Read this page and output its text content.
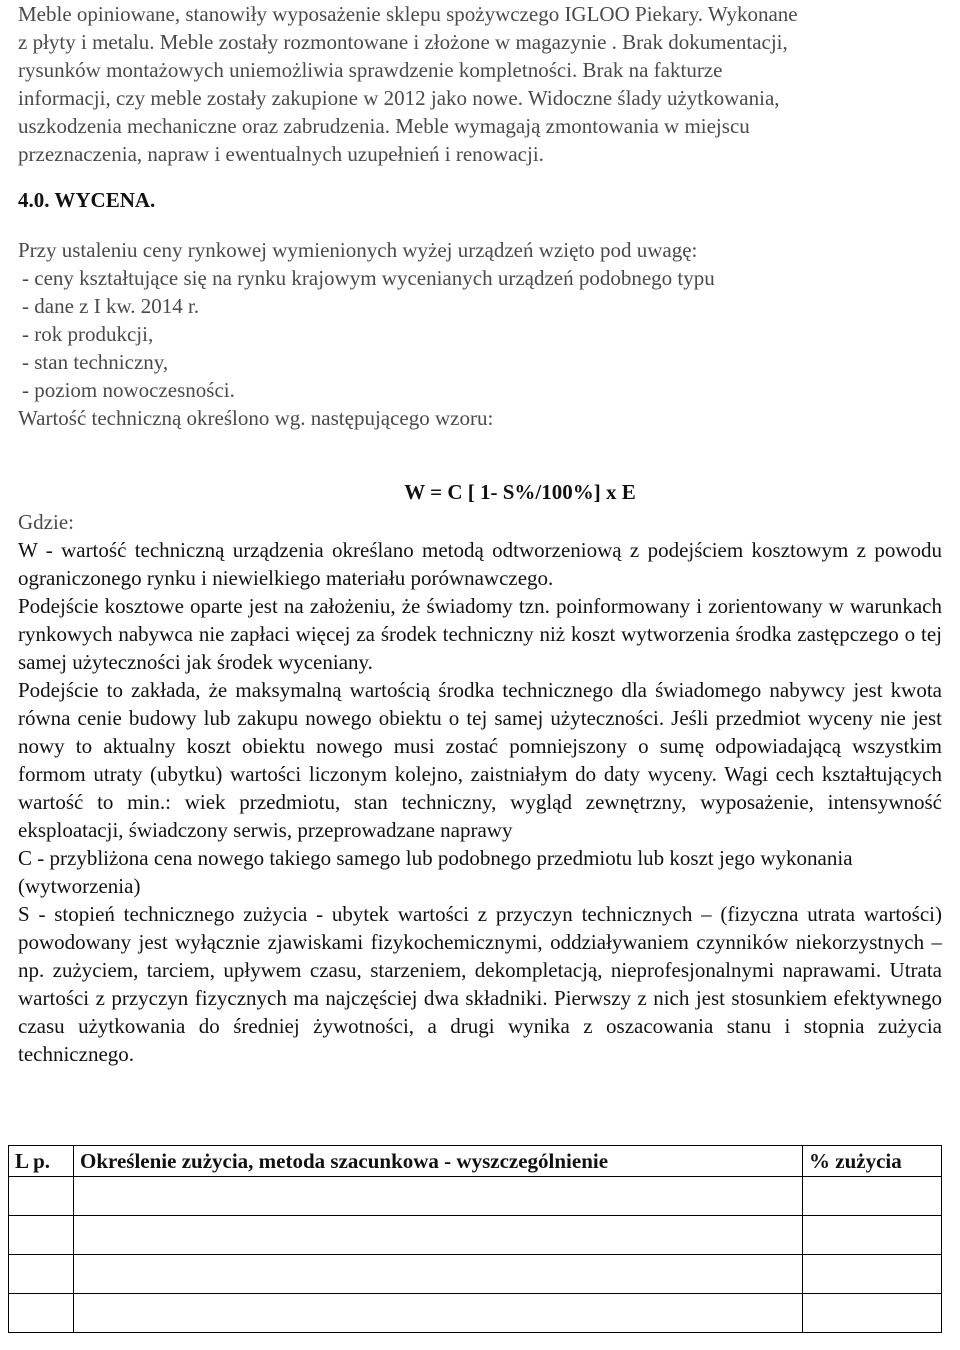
Meble opiniowane, stanowiły wyposażenie sklepu spożywczego IGLOO Piekary. Wykonane
z płyty i metalu. Meble zostały rozmontowane i złożone w magazynie . Brak dokumentacji,
rysunków montażowych uniemożliwia sprawdzenie kompletności. Brak na fakturze
informacji, czy meble zostały zakupione w 2012 jako nowe. Widoczne ślady użytkowania,
uszkodzenia mechaniczne oraz zabrudzenia. Meble wymagają zmontowania w miejscu
przeznaczenia, napraw i ewentualnych uzupełnień i renowacji.
4.0. WYCENA.
Przy ustaleniu ceny rynkowej wymienionych wyżej urządzeń wzięto pod uwagę:
- ceny kształtujące się na rynku krajowym wycenianych urządzeń podobnego typu
- dane z I kw. 2014 r.
- rok produkcji,
- stan techniczny,
- poziom nowoczesności.
Wartość techniczną określono wg. następującego wzoru:
W = C [ 1- S%/100%] x E
Gdzie:

W - wartość techniczną urządzenia określano metodą odtworzeniową z podejściem kosztowym z powodu ograniczonego rynku i niewielkiego materiału porównawczego.

Podejście kosztowe oparte jest na założeniu, że świadomy tzn. poinformowany i zorientowany w warunkach rynkowych nabywca nie zapłaci więcej za środek techniczny niż koszt wytworzenia środka zastępczego o tej samej użyteczności jak środek wyceniany.

Podejście to zakłada, że maksymalną wartością środka technicznego dla świadomego nabywcy jest kwota równa cenie budowy lub zakupu nowego obiektu o tej samej użyteczności. Jeśli przedmiot wyceny nie jest nowy to aktualny koszt obiektu nowego musi zostać pomniejszony o sumę odpowiadającą wszystkim formom utraty (ubytku) wartości liczonym kolejno, zaistniałym do daty wyceny. Wagi cech kształtujących wartość to min.: wiek przedmiotu, stan techniczny, wygląd zewnętrzny, wyposażenie, intensywność eksploatacji, świadczony serwis, przeprowadzane naprawy

C - przybliżona cena nowego takiego samego lub podobnego przedmiotu lub koszt jego wykonania (wytworzenia)

S - stopień technicznego zużycia - ubytek wartości z przyczyn technicznych – (fizyczna utrata wartości) powodowany jest wyłącznie zjawiskami fizykochemicznymi, oddziaływaniem czynników niekorzystnych – np. zużyciem, tarciem, upływem czasu, starzeniem, dekompletacją, nieprofesjonalnymi naprawami. Utrata wartości z przyczyn fizycznych ma najczęściej dwa składniki. Pierwszy z nich jest stosunkiem efektywnego czasu użytkowania do średniej żywotności, a drugi wynika z oszacowania stanu i stopnia zużycia technicznego.

L p.	Określenie zużycia, metoda szacunkowa - wyszczególnienie	% zużycia
